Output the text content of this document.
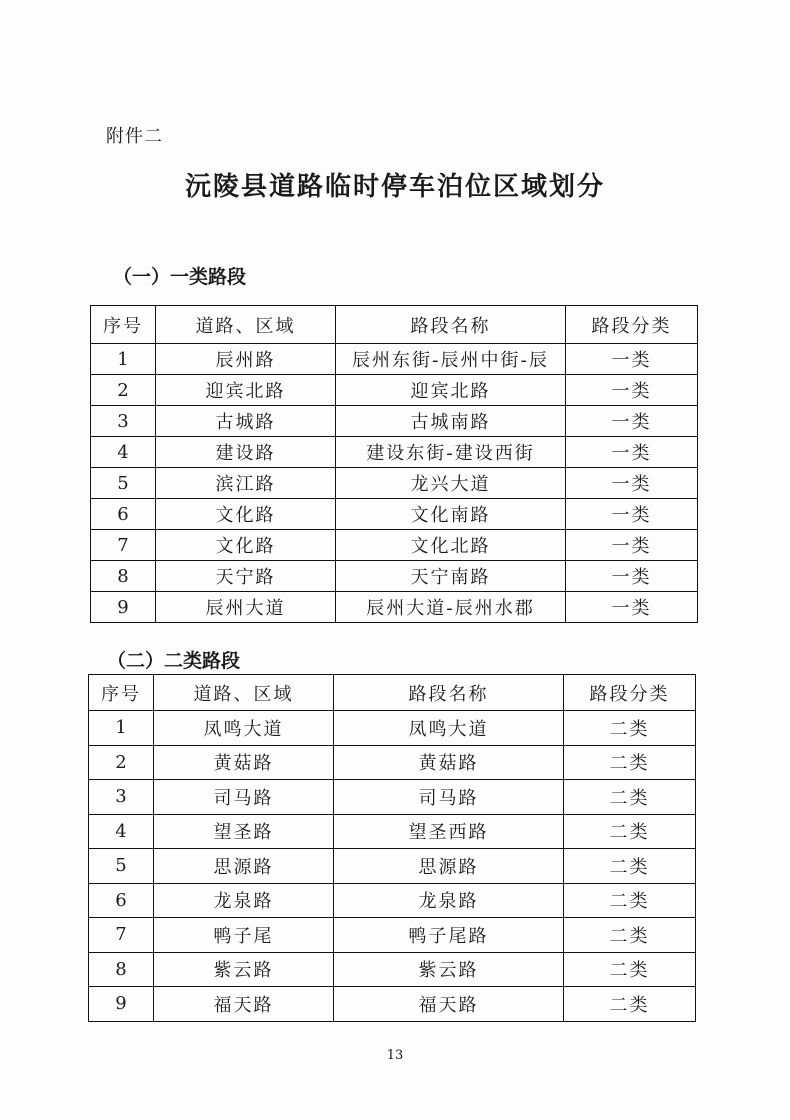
附件二
沅陵县道路临时停车泊位区域划分
（一）一类路段
序号	道路、区域	路段名称	路段分类
1	辰州路	辰州东街-辰州中街-辰	一类
2	迎宾北路	迎宾北路	一类
3	古城路	古城南路	一类
4	建设路	建设东街-建设西街	一类
5	滨江路	龙兴大道	一类
6	文化路	文化南路	一类
7	文化路	文化北路	一类
8	天宁路	天宁南路	一类
9	辰州大道	辰州大道-辰州水郡	一类
（二）二类路段
序号	道路、区域	路段名称	路段分类
1	凤鸣大道	凤鸣大道	二类
2	黄菇路	黄菇路	二类
3	司马路	司马路	二类
4	望圣路	望圣西路	二类
5	思源路	思源路	二类
6	龙泉路	龙泉路	二类
7	鸭子尾	鸭子尾路	二类
8	紫云路	紫云路	二类
9	福天路	福天路	二类
13
